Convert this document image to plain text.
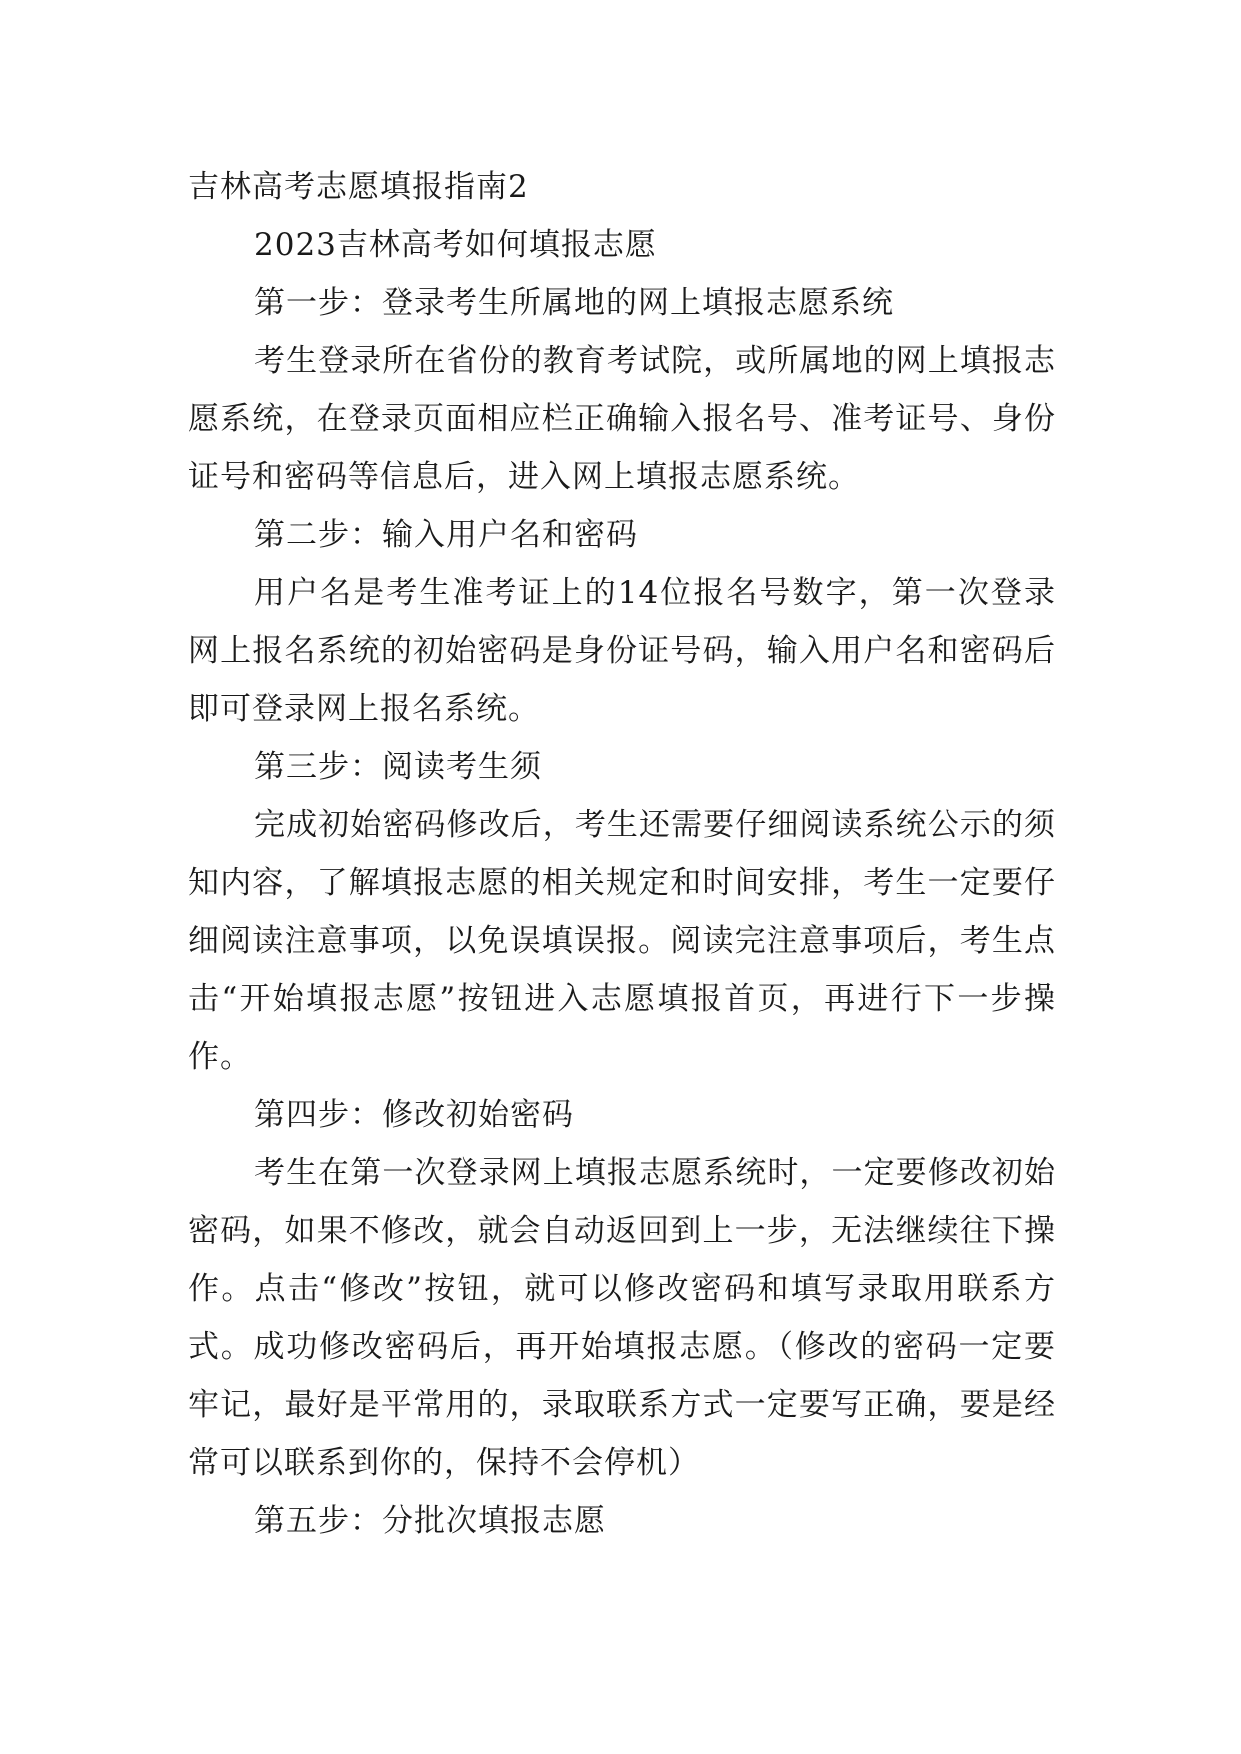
吉林高考志愿填报指南2
2023吉林高考如何填报志愿
第一步：登录考生所属地的网上填报志愿系统

考生登录所在省份的教育考试院，或所属地的网上填报志愿系统，在登录页面相应栏正确输入报名号、准考证号、身份证号和密码等信息后，进入网上填报志愿系统。

第二步：输入用户名和密码

用户名是考生准考证上的14位报名号数字，第一次登录网上报名系统的初始密码是身份证号码，输入用户名和密码后即可登录网上报名系统。

第三步：阅读考生须

完成初始密码修改后，考生还需要仔细阅读系统公示的须知内容，了解填报志愿的相关规定和时间安排，考生一定要仔细阅读注意事项，以免误填误报。阅读完注意事项后，考生点击“开始填报志愿”按钮进入志愿填报首页，再进行下一步操作。

第四步：修改初始密码

考生在第一次登录网上填报志愿系统时，一定要修改初始密码，如果不修改，就会自动返回到上一步，无法继续往下操作。点击“修改”按钮，就可以修改密码和填写录取用联系方式。成功修改密码后，再开始填报志愿。（修改的密码一定要牢记，最好是平常用的，录取联系方式一定要写正确，要是经常可以联系到你的，保持不会停机）

第五步：分批次填报志愿
